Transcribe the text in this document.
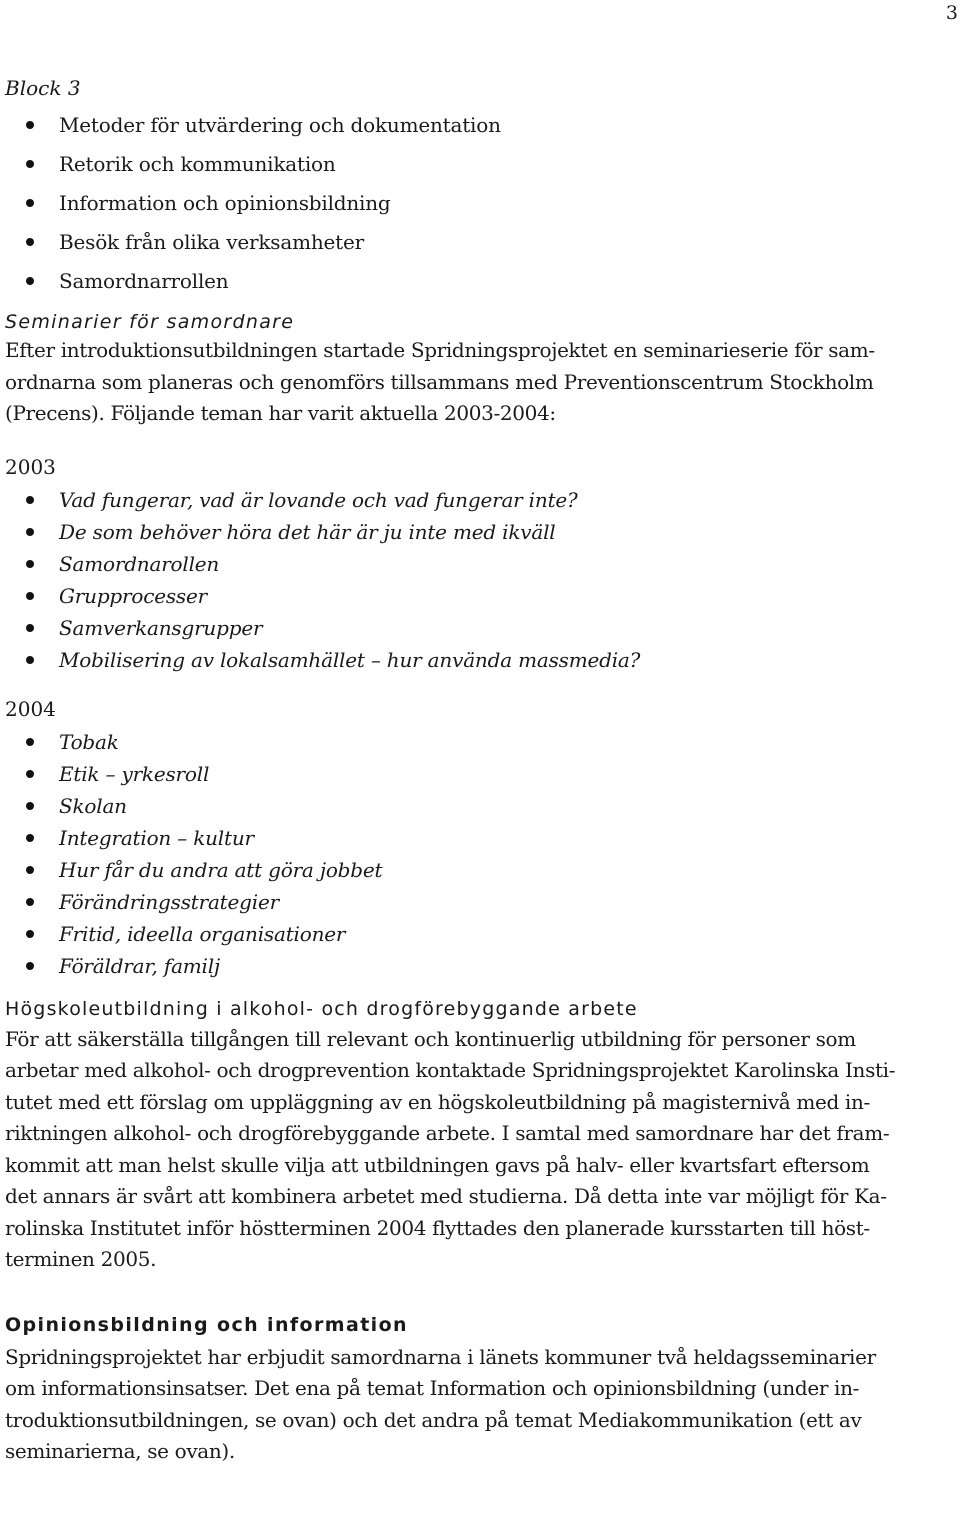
3
Block 3
Metoder för utvärdering och dokumentation
Retorik och kommunikation
Information och opinionsbildning
Besök från olika verksamheter
Samordnarrollen
Seminarier för samordnare

Efter introduktionsutbildningen startade Spridningsprojektet en seminarieserie för sam-
ordnarna som planeras och genomförs tillsammans med Preventionscentrum Stockholm
(Precens). Följande teman har varit aktuella 2003-2004:

2003
Vad fungerar, vad är lovande och vad fungerar inte?
De som behöver höra det här är ju inte med ikväll
Samordnarollen
Grupprocesser
Samverkansgrupper
Mobilisering av lokalsamhället – hur använda massmedia?
2004
Tobak
Etik – yrkesroll
Skolan
Integration – kultur
Hur får du andra att göra jobbet
Förändringsstrategier
Fritid, ideella organisationer
Föräldrar, familj
Högskoleutbildning i alkohol- och drogförebyggande arbete

För att säkerställa tillgången till relevant och kontinuerlig utbildning för personer som
arbetar med alkohol- och drogprevention kontaktade Spridningsprojektet Karolinska Insti-
tutet med ett förslag om uppläggning av en högskoleutbildning på magisternivå med in-
riktningen alkohol- och drogförebyggande arbete. I samtal med samordnare har det fram-
kommit att man helst skulle vilja att utbildningen gavs på halv- eller kvartsfart eftersom
det annars är svårt att kombinera arbetet med studierna. Då detta inte var möjligt för Ka-
rolinska Institutet inför höstterminen 2004 flyttades den planerade kursstarten till höst-
terminen 2005.

Opinionsbildning och information

Spridningsprojektet har erbjudit samordnarna i länets kommuner två heldagsseminarier
om informationsinsatser. Det ena på temat Information och opinionsbildning (under in-
troduktionsutbildningen, se ovan) och det andra på temat Mediakommunikation (ett av
seminarierna, se ovan).
